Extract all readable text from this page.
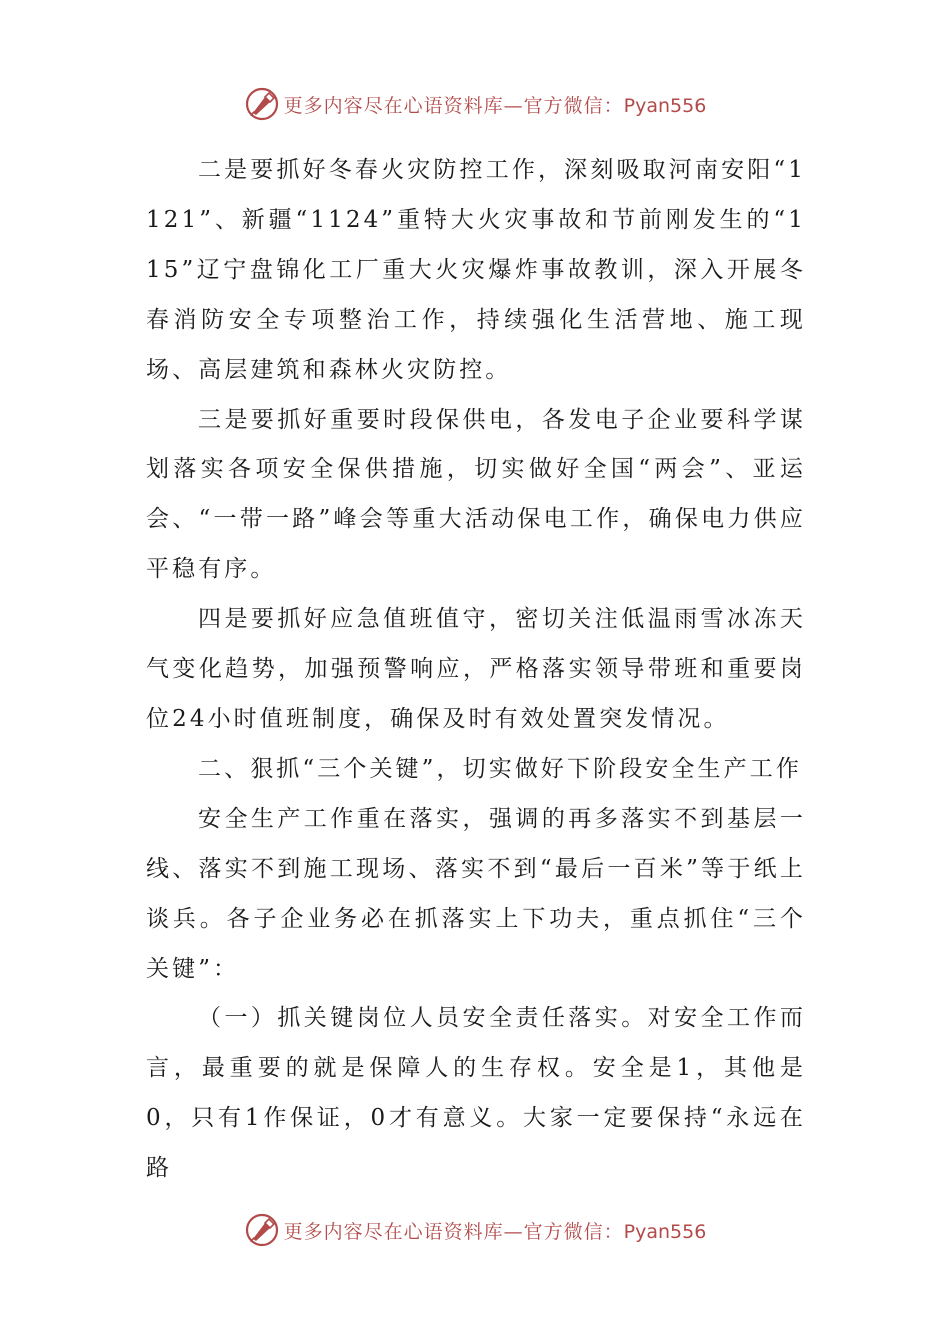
更多内容尽在心语资料库—官方微信：Pyan556

二是要抓好冬春火灾防控工作，深刻吸取河南安阳“1121”、新疆“1124”重特大火灾事故和节前刚发生的“115”辽宁盘锦化工厂重大火灾爆炸事故教训，深入开展冬春消防安全专项整治工作，持续强化生活营地、施工现场、高层建筑和森林火灾防控。

三是要抓好重要时段保供电，各发电子企业要科学谋划落实各项安全保供措施，切实做好全国“两会”、亚运会、“一带一路”峰会等重大活动保电工作，确保电力供应平稳有序。

四是要抓好应急值班值守，密切关注低温雨雪冰冻天气变化趋势，加强预警响应，严格落实领导带班和重要岗位24小时值班制度，确保及时有效处置突发情况。

二、狠抓“三个关键”，切实做好下阶段安全生产工作

安全生产工作重在落实，强调的再多落实不到基层一线、落实不到施工现场、落实不到“最后一百米”等于纸上谈兵。各子企业务必在抓落实上下功夫，重点抓住“三个关键”：

（一）抓关键岗位人员安全责任落实。对安全工作而言，最重要的就是保障人的生存权。安全是1，其他是0，只有1作保证，0才有意义。大家一定要保持“永远在路

更多内容尽在心语资料库—官方微信：Pyan556
